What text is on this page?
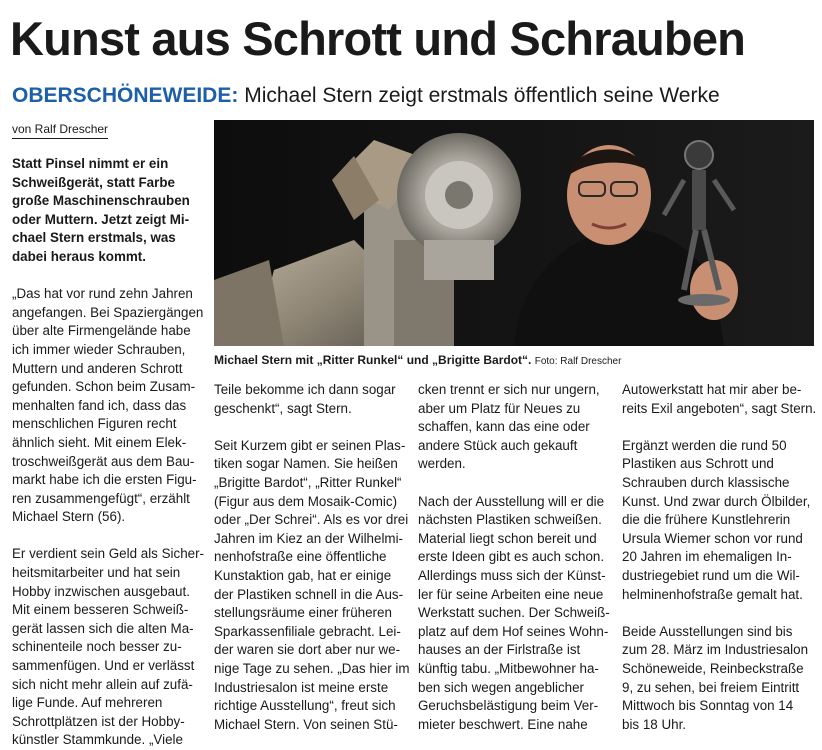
Kunst aus Schrott und Schrauben
OBERSCHÖNEWEIDE: Michael Stern zeigt erstmals öffentlich seine Werke
von Ralf Drescher

Statt Pinsel nimmt er ein
Schweißgerät, statt Farbe
große Maschinenschrauben
oder Muttern. Jetzt zeigt Mi-
chael Stern erstmals, was
dabei heraus kommt.

„Das hat vor rund zehn Jahren
angefangen. Bei Spaziergängen
über alte Firmengelände habe
ich immer wieder Schrauben,
Muttern und anderen Schrott
gefunden. Schon beim Zusam-
menhalten fand ich, dass das
menschlichen Figuren recht
ähnlich sieht. Mit einem Elek-
troschweißgerät aus dem Bau-
markt habe ich die ersten Figu-
ren zusammengefügt“, erzählt
Michael Stern (56).

Er verdient sein Geld als Sicher-
heitsmitarbeiter und hat sein
Hobby inzwischen ausgebaut.
Mit einem besseren Schweiß-
gerät lassen sich die alten Ma-
schinenteile noch besser zu-
sammenfügen. Und er verlässt
sich nicht mehr allein auf zufä-
lige Funde. Auf mehreren
Schrottplätzen ist der Hobby-
künstler Stammkunde. „Viele

Michael Stern mit „Ritter Runkel“ und „Brigitte Bardot“. Foto: Ralf Drescher

Teile bekomme ich dann sogar
geschenkt“, sagt Stern.

Seit Kurzem gibt er seinen Plas-
tiken sogar Namen. Sie heißen
„Brigitte Bardot“, „Ritter Runkel“
(Figur aus dem Mosaik-Comic)
oder „Der Schrei“. Als es vor drei
Jahren im Kiez an der Wilhelmi-
nenhofstraße eine öffentliche
Kunstaktion gab, hat er einige
der Plastiken schnell in die Aus-
stellungsräume einer früheren
Sparkassenfiliale gebracht. Lei-
der waren sie dort aber nur we-
nige Tage zu sehen. „Das hier im
Industriesalon ist meine erste
richtige Ausstellung“, freut sich
Michael Stern. Von seinen Stü-

cken trennt er sich nur ungern,
aber um Platz für Neues zu
schaffen, kann das eine oder
andere Stück auch gekauft
werden.

Nach der Ausstellung will er die
nächsten Plastiken schweißen.
Material liegt schon bereit und
erste Ideen gibt es auch schon.
Allerdings muss sich der Künst-
ler für seine Arbeiten eine neue
Werkstatt suchen. Der Schweiß-
platz auf dem Hof seines Wohn-
hauses an der Firlstraße ist
künftig tabu. „Mitbewohner ha-
ben sich wegen angeblicher
Geruchsbelästigung beim Ver-
mieter beschwert. Eine nahe

Autowerkstatt hat mir aber be-
reits Exil angeboten“, sagt Stern.

Ergänzt werden die rund 50
Plastiken aus Schrott und
Schrauben durch klassische
Kunst. Und zwar durch Ölbilder,
die die frühere Kunstlehrerin
Ursula Wiemer schon vor rund
20 Jahren im ehemaligen In-
dustriegebiet rund um die Wil-
helminenhofstraße gemalt hat.

Beide Ausstellungen sind bis
zum 28. März im Industriesalon
Schöneweide, Reinbeckstraße
9, zu sehen, bei freiem Eintritt
Mittwoch bis Sonntag von 14
bis 18 Uhr.
